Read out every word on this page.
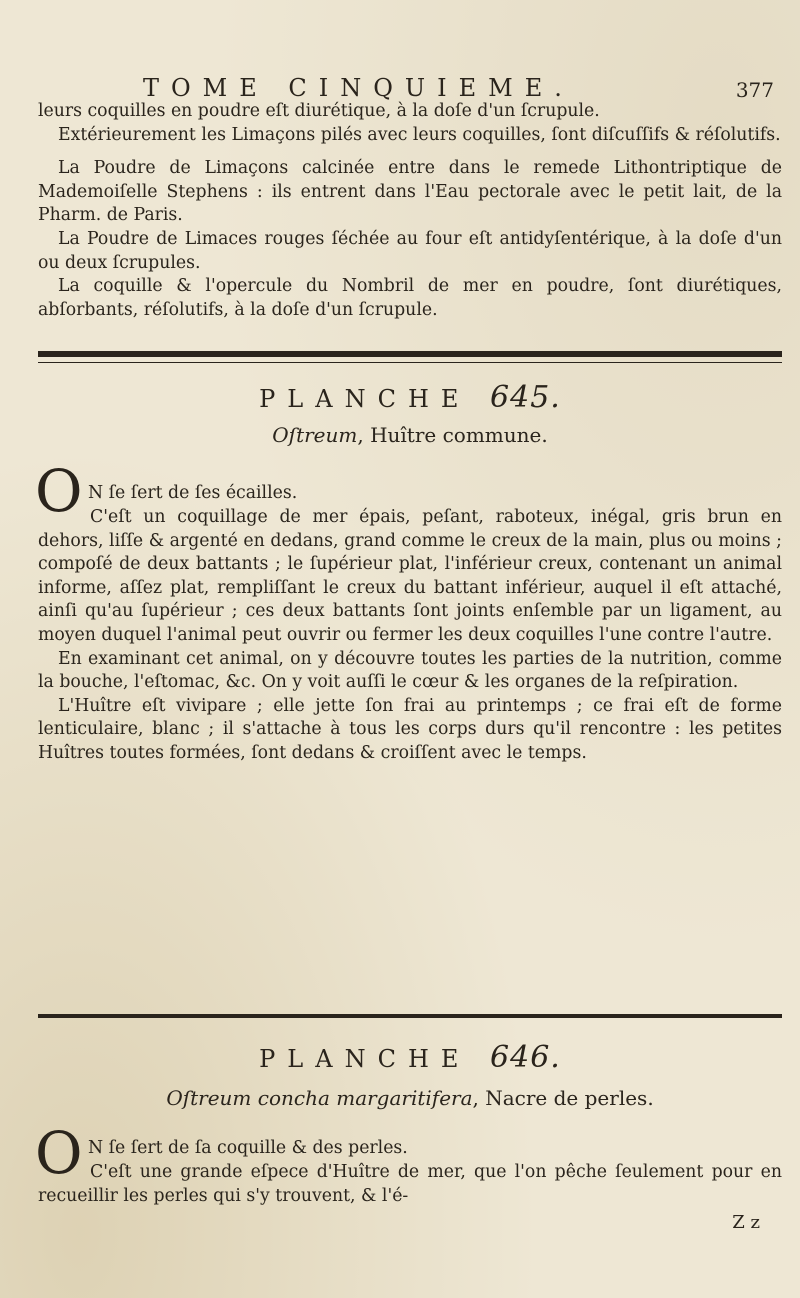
TOME CINQUIEME.	377

leurs coquilles en poudre eſt diurétique, à la doſe d'un ſcrupule.

Extérieurement les Limaçons pilés avec leurs coquilles, ſont diſcuſſifs & réſolutifs.

La Poudre de Limaçons calcinée entre dans le remede Lithontriptique de Mademoiſelle Stephens : ils entrent dans l'Eau pectorale avec le petit lait, de la Pharm. de Paris.

La Poudre de Limaces rouges ſéchée au four eſt antidyſentérique, à la doſe d'un ou deux ſcrupules.

La coquille & l'opercule du Nombril de mer en poudre, ſont diurétiques, abſorbants, réſolutifs, à la doſe d'un ſcrupule.

PLANCHE 645.
Oſtreum, Huître commune.
O N ſe ſert de ſes écailles.

C'eſt un coquillage de mer épais, peſant, raboteux, inégal, gris brun en dehors, liſſe & argenté en dedans, grand comme le creux de la main, plus ou moins ; compoſé de deux battants ; le ſupérieur plat, l'inférieur creux, contenant un animal informe, aſſez plat, rempliſſant le creux du battant inférieur, auquel il eſt attaché, ainſi qu'au ſupérieur ; ces deux battants ſont joints enſemble par un ligament, au moyen duquel l'animal peut ouvrir ou fermer les deux coquilles l'une contre l'autre.

En examinant cet animal, on y découvre toutes les parties de la nutrition, comme la bouche, l'eſtomac, &c. On y voit auſſi le cœur & les organes de la reſpiration.

L'Huître eſt vivipare ; elle jette ſon frai au printemps ; ce frai eſt de forme lenticulaire, blanc ; il s'attache à tous les corps durs qu'il rencontre : les petites Huîtres toutes formées, ſont dedans & croiſſent avec le temps.

PLANCHE 646.
Oſtreum concha margaritifera, Nacre de perles.
O N ſe ſert de ſa coquille & des perles.

C'eſt une grande eſpece d'Huître de mer, que l'on pêche ſeulement pour en recueillir les perles qui s'y trouvent, & l'é-

Z z
